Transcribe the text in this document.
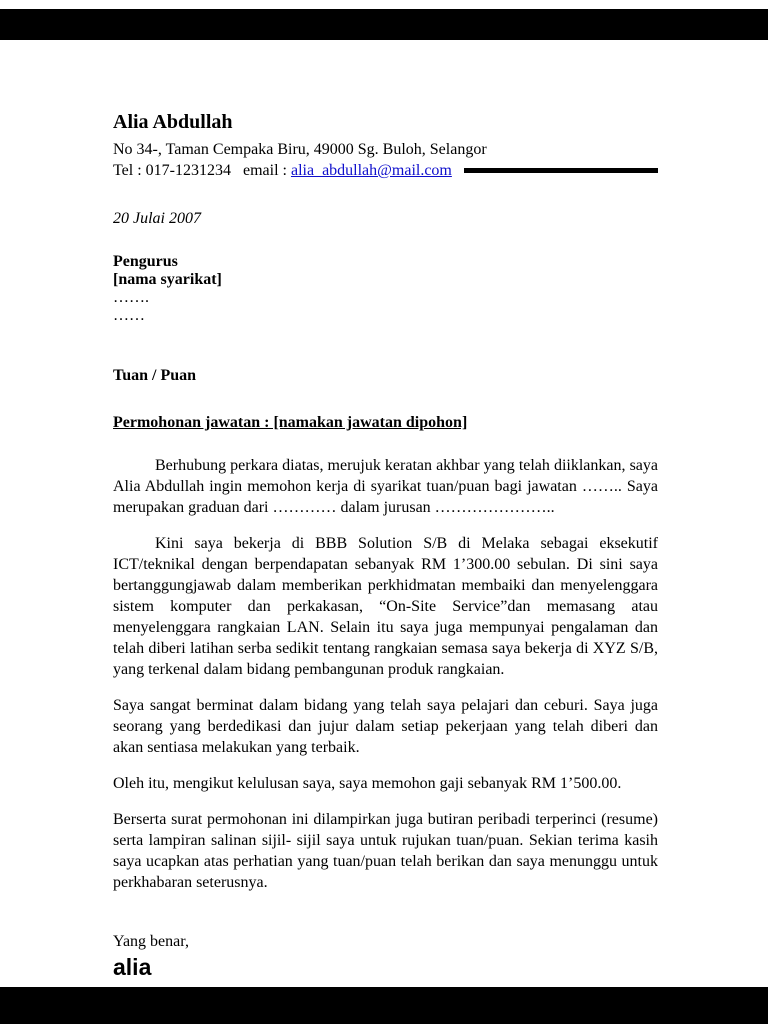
Alia Abdullah

No 34-, Taman Cempaka Biru, 49000 Sg. Buloh, Selangor

Tel : 017-1231234   email : alia_abdullah@mail.com

20 Julai 2007

Pengurus

[nama syarikat]

…….

……

Tuan / Puan

Permohonan jawatan : [namakan jawatan dipohon]

Berhubung perkara diatas, merujuk keratan akhbar yang telah diiklankan, saya Alia Abdullah ingin memohon kerja di syarikat tuan/puan bagi jawatan …….. Saya merupakan graduan dari ………… dalam jurusan …………………..

Kini saya bekerja di BBB Solution S/B di Melaka sebagai eksekutif ICT/teknikal dengan berpendapatan sebanyak RM 1’300.00 sebulan. Di sini saya bertanggungjawab dalam memberikan perkhidmatan membaiki dan menyelenggara sistem komputer dan perkakasan, “On-Site Service”dan memasang atau menyelenggara rangkaian LAN. Selain itu saya juga mempunyai pengalaman dan telah diberi latihan serba sedikit tentang rangkaian semasa saya bekerja di XYZ S/B, yang terkenal dalam bidang pembangunan produk rangkaian.

Saya sangat berminat dalam bidang yang telah saya pelajari dan ceburi. Saya juga seorang yang berdedikasi dan jujur dalam setiap pekerjaan yang telah diberi dan akan sentiasa melakukan yang terbaik.

Oleh itu, mengikut kelulusan saya, saya memohon gaji sebanyak RM 1’500.00.

Berserta surat permohonan ini dilampirkan juga butiran peribadi terperinci (resume) serta lampiran salinan sijil- sijil saya untuk rujukan tuan/puan. Sekian terima kasih saya ucapkan atas perhatian yang tuan/puan telah berikan dan saya menunggu untuk perkhabaran seterusnya.

Yang benar,

alia
